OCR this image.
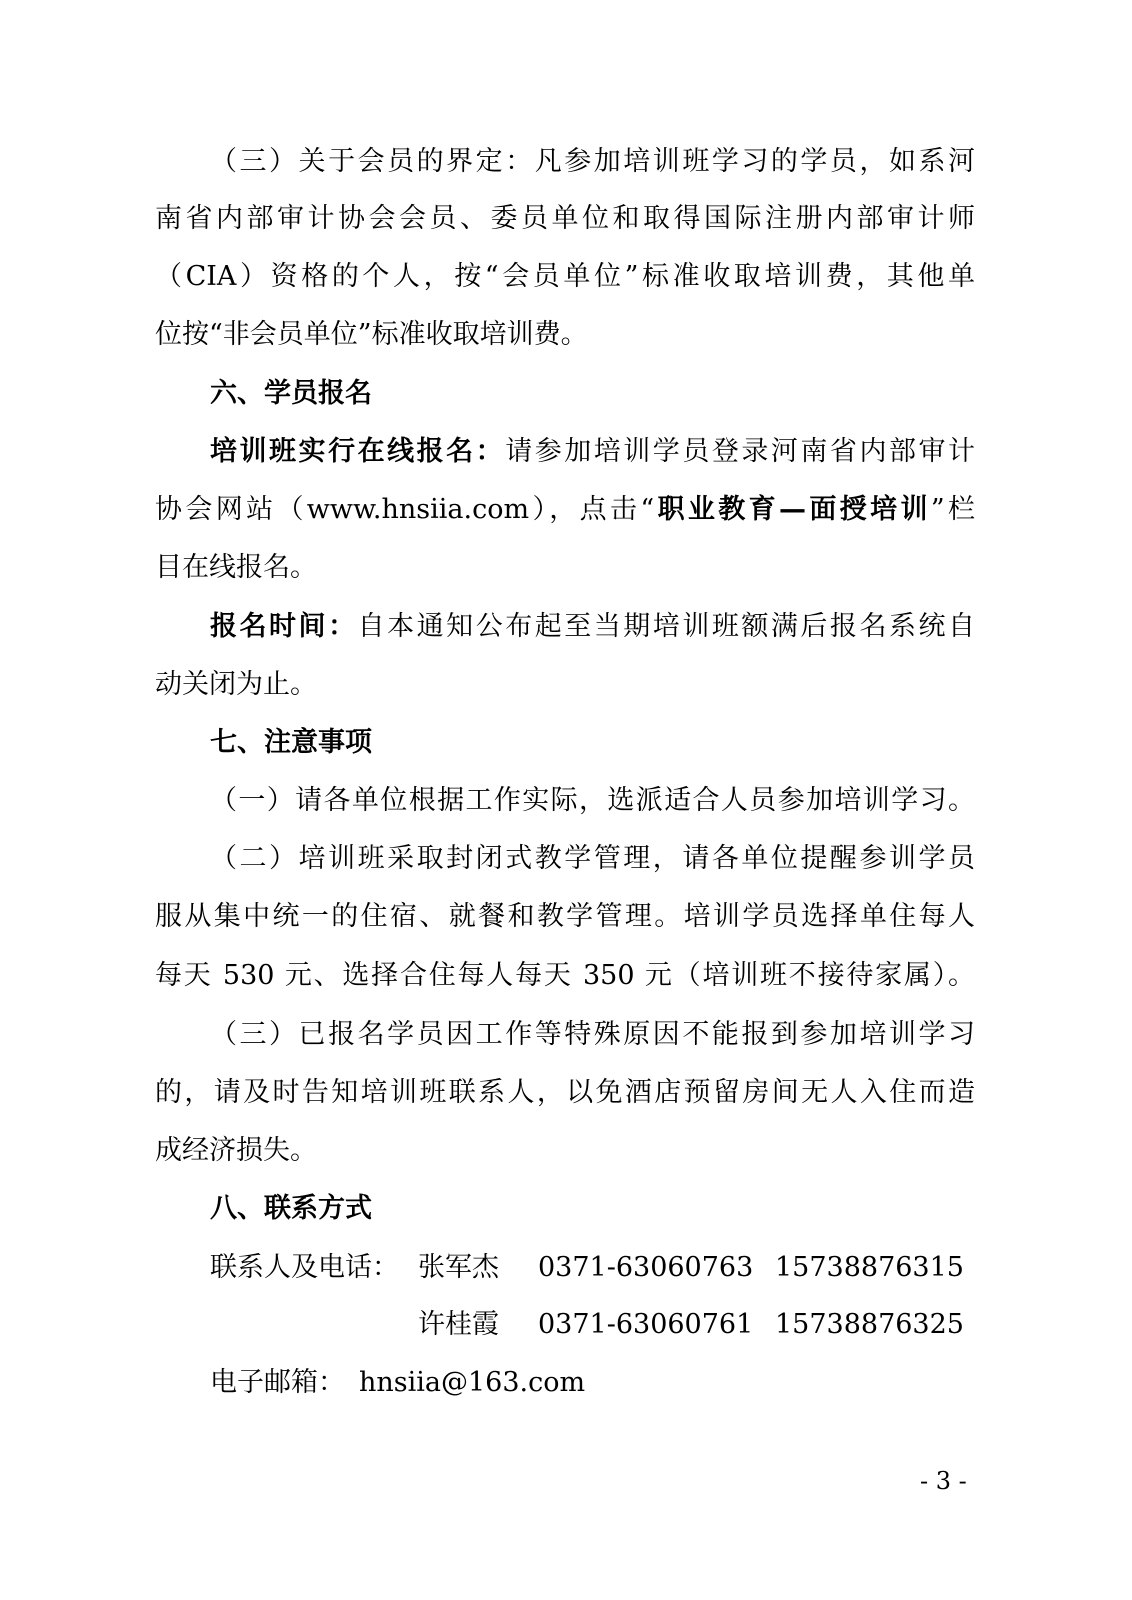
（三）关于会员的界定：凡参加培训班学习的学员，如系河
南省内部审计协会会员、委员单位和取得国际注册内部审计师
（CIA）资格的个人，按“会员单位”标准收取培训费，其他单
位按“非会员单位”标准收取培训费。
六、学员报名
培训班实行在线报名：请参加培训学员登录河南省内部审计
协会网站（www.hnsiia.com），点击“职业教育—面授培训”栏
目在线报名。
报名时间：自本通知公布起至当期培训班额满后报名系统自
动关闭为止。
七、注意事项
（一）请各单位根据工作实际，选派适合人员参加培训学习。
（二）培训班采取封闭式教学管理，请各单位提醒参训学员
服从集中统一的住宿、就餐和教学管理。培训学员选择单住每人
每天 530 元、选择合住每人每天 350 元（培训班不接待家属）。
（三）已报名学员因工作等特殊原因不能报到参加培训学习
的，请及时告知培训班联系人，以免酒店预留房间无人入住而造
成经济损失。
八、联系方式
联系人及电话： 张军杰 0371-63060763 15738876315
许桂霞 0371-63060761 15738876325
电子邮箱： hnsiia@163.com
- 3 -
